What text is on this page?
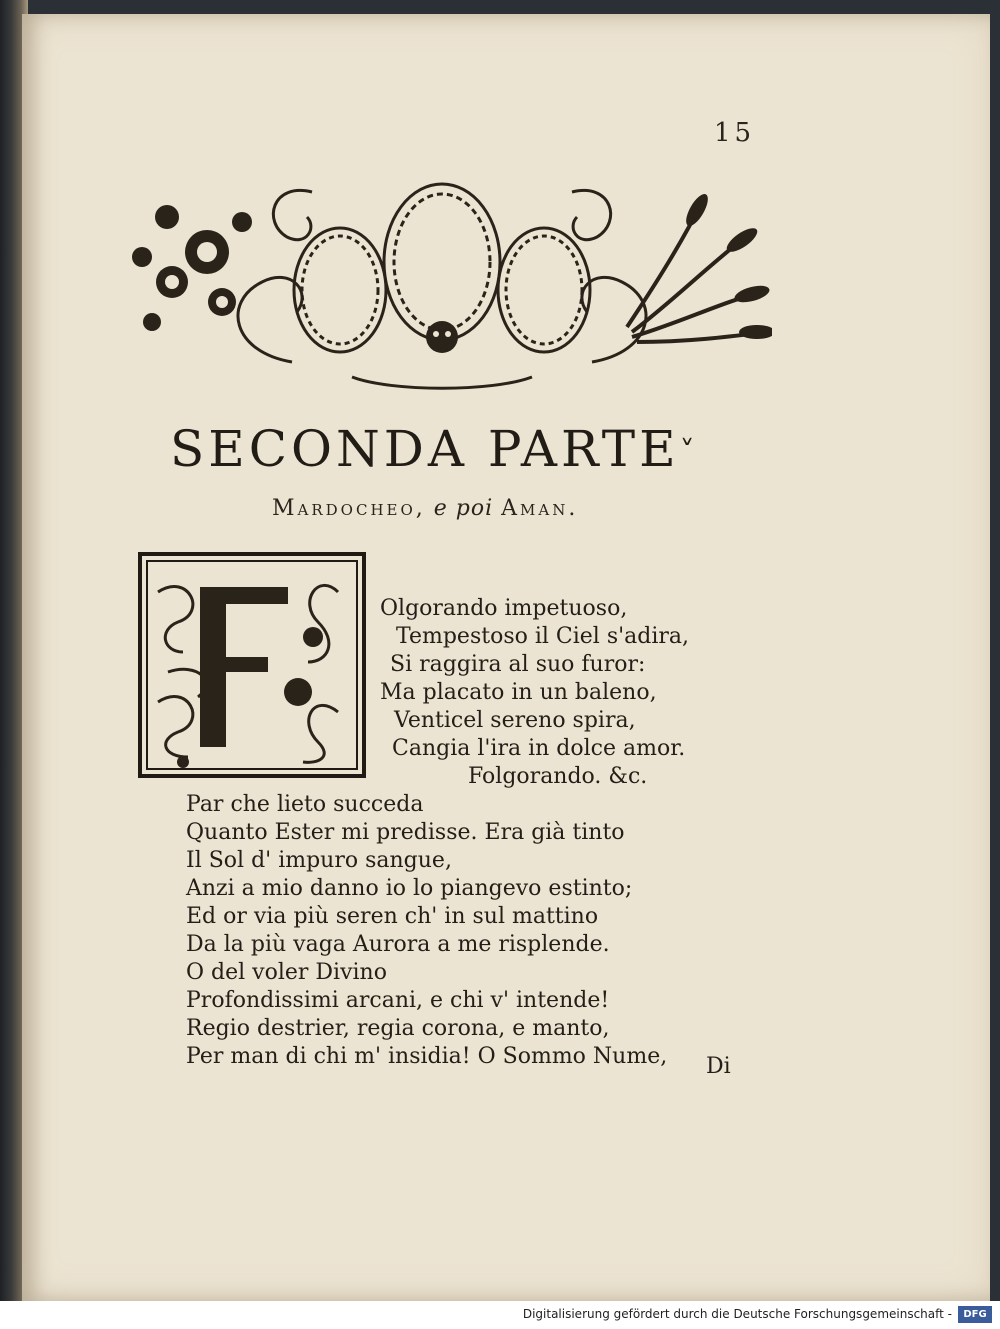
15
SECONDA PARTE˅
Mardocheo, e poi Aman.
Olgorando impetuoso,
Tempestoso il Ciel s'adira,
Si raggira al suo furor:
Ma placato in un baleno,
Venticel sereno spira,
Cangia l'ira in dolce amor.
Folgorando. &c.
Par che lieto succeda
Quanto Ester mi predisse. Era già tinto
Il Sol d' impuro sangue,
Anzi a mio danno io lo piangevo estinto;
Ed or via più seren ch' in sul mattino
Da la più vaga Aurora a me risplende.
O del voler Divino
Profondissimi arcani, e chi v' intende!
Regio destrier, regia corona, e manto,
Per man di chi m' insidia! O Sommo Nume, Di
Digitalisierung gefördert durch die Deutsche Forschungsgemeinschaft -	DFG
